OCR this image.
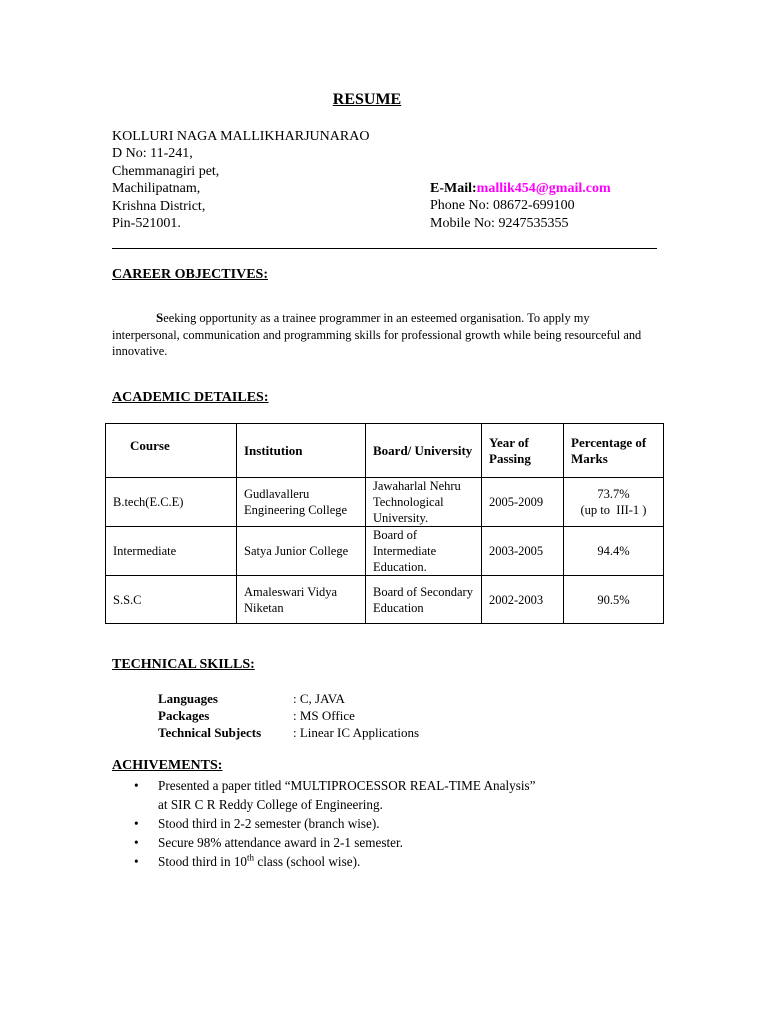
RESUME
KOLLURI NAGA MALLIKHARJUNARAO
D No: 11-241,
Chemmanagiri pet,
Machilipatnam,
Krishna District,
Pin-521001.
E-Mail:mallik454@gmail.com
Phone No: 08672-699100
Mobile No: 9247535355
CAREER OBJECTIVES:
Seeking opportunity as a trainee programmer in an esteemed organisation. To apply my interpersonal, communication and programming skills for professional growth while being resourceful and innovative.
ACADEMIC DETAILES:
Course	Institution	Board/ University	Year of Passing	Percentage of Marks
B.tech(E.C.E)	Gudlavalleru Engineering College	Jawaharlal Nehru Technological University.	2005-2009	73.7%
(up to  III-1 )

Intermediate	Satya Junior College	Board of Intermediate Education.	2003-2005	94.4%
S.S.C	Amaleswari Vidya Niketan	Board of Secondary Education	2002-2003	90.5%
TECHNICAL SKILLS:
Languages	: C, JAVA
Packages	: MS Office
Technical Subjects	: Linear IC Applications
ACHIVEMENTS:
• Presented a paper titled “MULTIPROCESSOR REAL-TIME Analysis”
at SIR C R Reddy College of Engineering.
• Stood third in 2-2 semester (branch wise).
• Secure 98% attendance award in 2-1 semester.
• Stood third in 10th class (school wise).
